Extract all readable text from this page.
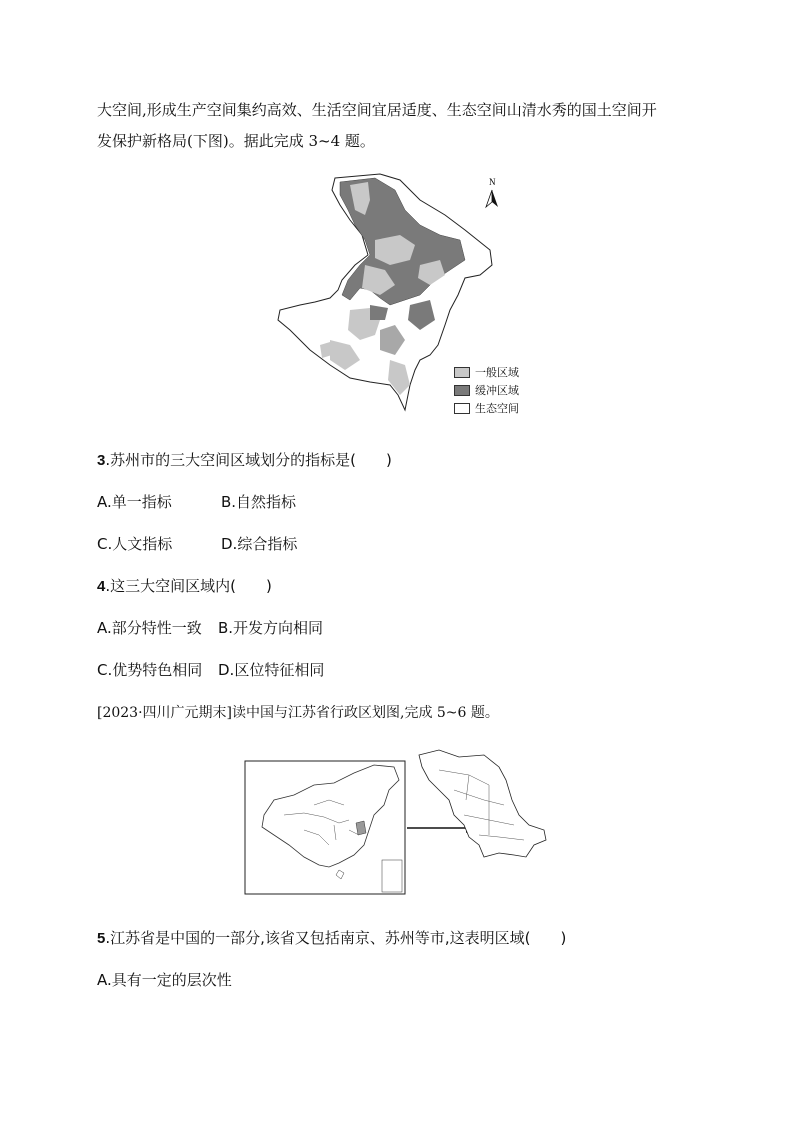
大空间,形成生产空间集约高效、生活空间宜居适度、生态空间山清水秀的国土空间开
发保护新格局(下图)。据此完成 3~4 题。
N
一般区域
缓冲区域
生态空间
3.苏州市的三大空间区域划分的指标是(　　)
A.单一指标	B.自然指标
C.人文指标	D.综合指标
4.这三大空间区域内(　　)
A.部分特性一致 B.开发方向相同
C.优势特色相同 D.区位特征相同
[2023·四川广元期末]读中国与江苏省行政区划图,完成 5~6 题。
5.江苏省是中国的一部分,该省又包括南京、苏州等市,这表明区域(　　)
A.具有一定的层次性
